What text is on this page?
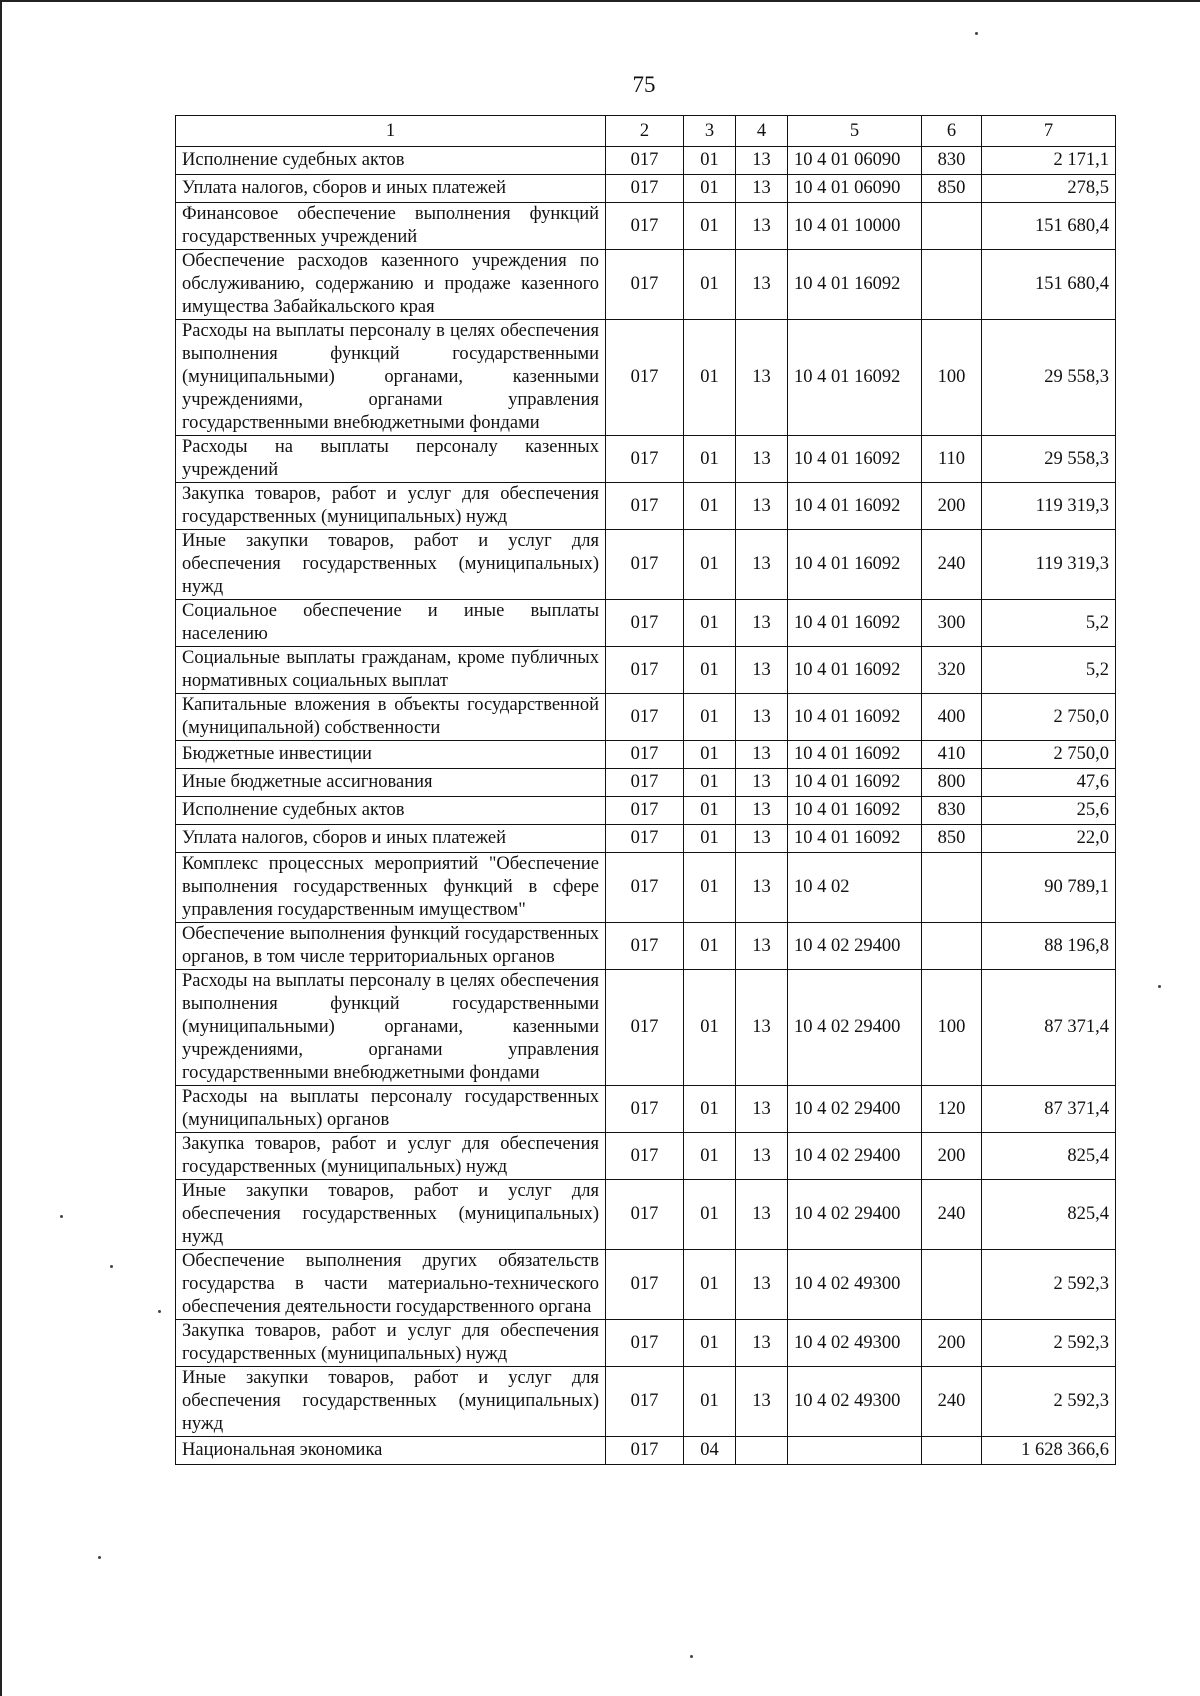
75
1	2	3	4	5	6	7
Исполнение судебных актов	017	01	13	10 4 01 06090	830	2 171,1
Уплата налогов, сборов и иных платежей	017	01	13	10 4 01 06090	850	278,5
Финансовое обеспечение выполнения функций государственных учреждений	017	01	13	10 4 01 10000		151 680,4
Обеспечение расходов казенного учреждения по обслуживанию, содержанию и продаже казенного имущества Забайкальского края	017	01	13	10 4 01 16092		151 680,4
Расходы на выплаты персоналу в целях обеспечения выполнения функций государственными (муниципальными) органами, казенными учреждениями, органами управления государственными внебюджетными фондами	017	01	13	10 4 01 16092	100	29 558,3
Расходы на выплаты персоналу казенных учреждений	017	01	13	10 4 01 16092	110	29 558,3
Закупка товаров, работ и услуг для обеспечения государственных (муниципальных) нужд	017	01	13	10 4 01 16092	200	119 319,3
Иные закупки товаров, работ и услуг для обеспечения государственных (муниципальных) нужд	017	01	13	10 4 01 16092	240	119 319,3
Социальное обеспечение и иные выплаты населению	017	01	13	10 4 01 16092	300	5,2
Социальные выплаты гражданам, кроме публичных нормативных социальных выплат	017	01	13	10 4 01 16092	320	5,2
Капитальные вложения в объекты государственной (муниципальной) собственности	017	01	13	10 4 01 16092	400	2 750,0
Бюджетные инвестиции	017	01	13	10 4 01 16092	410	2 750,0
Иные бюджетные ассигнования	017	01	13	10 4 01 16092	800	47,6
Исполнение судебных актов	017	01	13	10 4 01 16092	830	25,6
Уплата налогов, сборов и иных платежей	017	01	13	10 4 01 16092	850	22,0
Комплекс процессных мероприятий "Обеспечение выполнения государственных функций в сфере управления государственным имуществом"	017	01	13	10 4 02		90 789,1
Обеспечение выполнения функций государственных органов, в том числе территориальных органов	017	01	13	10 4 02 29400		88 196,8
Расходы на выплаты персоналу в целях обеспечения выполнения функций государственными (муниципальными) органами, казенными учреждениями, органами управления государственными внебюджетными фондами	017	01	13	10 4 02 29400	100	87 371,4
Расходы на выплаты персоналу государственных (муниципальных) органов	017	01	13	10 4 02 29400	120	87 371,4
Закупка товаров, работ и услуг для обеспечения государственных (муниципальных) нужд	017	01	13	10 4 02 29400	200	825,4
Иные закупки товаров, работ и услуг для обеспечения государственных (муниципальных) нужд	017	01	13	10 4 02 29400	240	825,4
Обеспечение выполнения других обязательств государства в части материально-технического обеспечения деятельности государственного органа	017	01	13	10 4 02 49300		2 592,3
Закупка товаров, работ и услуг для обеспечения государственных (муниципальных) нужд	017	01	13	10 4 02 49300	200	2 592,3
Иные закупки товаров, работ и услуг для обеспечения государственных (муниципальных) нужд	017	01	13	10 4 02 49300	240	2 592,3
Национальная экономика	017	04				1 628 366,6
